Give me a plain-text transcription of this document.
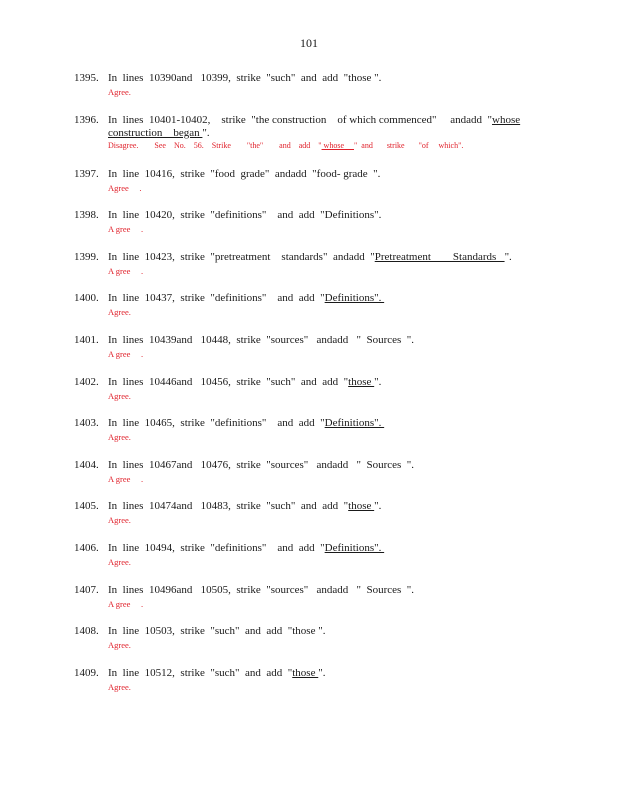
101
1395. In  lines  10390and   10399,  strike  "such"  and  add  "those ".
Agree.
1396. In  lines  10401-10402,    strike  "the construction    of which commenced"     andadd  "whose
construction    began ".
Disagree.        See    No.    56.    Strike        "the"        and    add    " whose     "  and       strike       "of     which".
1397. In  line  10416,  strike  "food  grade"  andadd  "food- grade  ".
Agree     .
1398. In  line  10420,  strike  "definitions"    and  add  "Definitions".
A gree     .
1399. In  line  10423,  strike  "pretreatment    standards"  andadd  "Pretreatment        Standards   ".
A gree     .
1400. In  line  10437,  strike  "definitions"    and  add  "Definitions".
Agree.
1401. In  lines  10439and   10448,  strike  "sources"   andadd   "  Sources  ".
A gree     .
1402. In  lines  10446and   10456,  strike  "such"  and  add  "those ".
Agree.
1403. In  line  10465,  strike  "definitions"    and  add  "Definitions".
Agree.
1404. In  lines  10467and   10476,  strike  "sources"   andadd   "  Sources  ".
A gree     .
1405. In  lines  10474and   10483,  strike  "such"  and  add  "those ".
Agree.
1406. In  line  10494,  strike  "definitions"    and  add  "Definitions".
Agree.
1407. In  lines  10496and   10505,  strike  "sources"   andadd   "  Sources  ".
A gree     .
1408. In  line  10503,  strike  "such"  and  add  "those ".
Agree.
1409. In  line  10512,  strike  "such"  and  add  "those ".
Agree.
